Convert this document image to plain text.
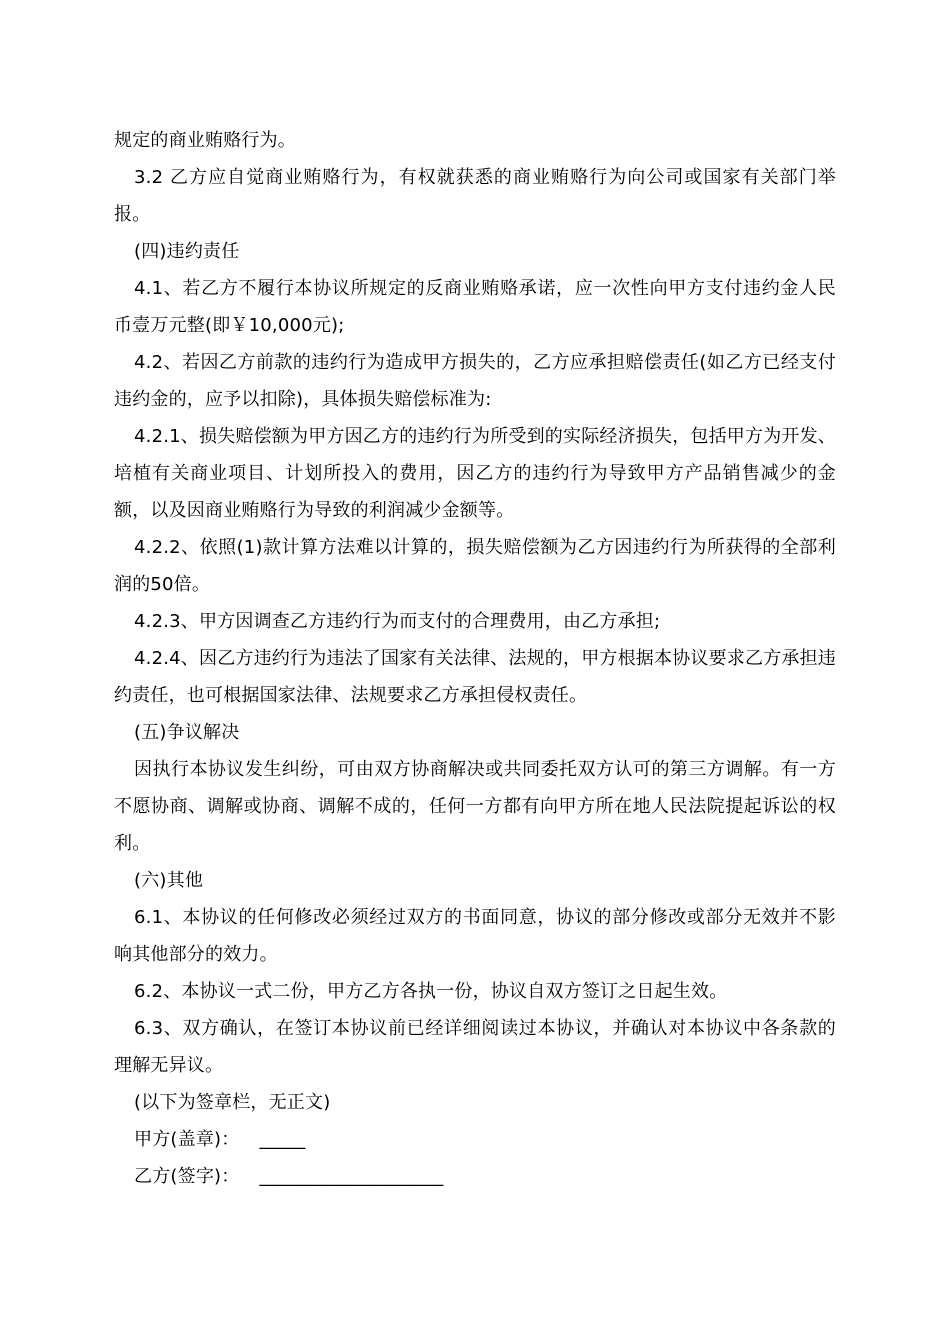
规定的商业贿赂行为。

3.2 乙方应自觉商业贿赂行为，有权就获悉的商业贿赂行为向公司或国家有关部门举报。

(四)违约责任

4.1、若乙方不履行本协议所规定的反商业贿赂承诺，应一次性向甲方支付违约金人民币壹万元整(即￥10,000元);

4.2、若因乙方前款的违约行为造成甲方损失的，乙方应承担赔偿责任(如乙方已经支付违约金的，应予以扣除)，具体损失赔偿标准为:

4.2.1、损失赔偿额为甲方因乙方的违约行为所受到的实际经济损失，包括甲方为开发、培植有关商业项目、计划所投入的费用，因乙方的违约行为导致甲方产品销售减少的金额，以及因商业贿赂行为导致的利润减少金额等。

4.2.2、依照(1)款计算方法难以计算的，损失赔偿额为乙方因违约行为所获得的全部利润的50倍。

4.2.3、甲方因调查乙方违约行为而支付的合理费用，由乙方承担;

4.2.4、因乙方违约行为违法了国家有关法律、法规的，甲方根据本协议要求乙方承担违约责任，也可根据国家法律、法规要求乙方承担侵权责任。

(五)争议解决

因执行本协议发生纠纷，可由双方协商解决或共同委托双方认可的第三方调解。有一方不愿协商、调解或协商、调解不成的，任何一方都有向甲方所在地人民法院提起诉讼的权利。

(六)其他

6.1、本协议的任何修改必须经过双方的书面同意，协议的部分修改或部分无效并不影响其他部分的效力。

6.2、本协议一式二份，甲方乙方各执一份，协议自双方签订之日起生效。

6.3、双方确认，在签订本协议前已经详细阅读过本协议，并确认对本协议中各条款的理解无异议。

(以下为签章栏，无正文)

甲方(盖章)： _____

乙方(签字)： ____________________
